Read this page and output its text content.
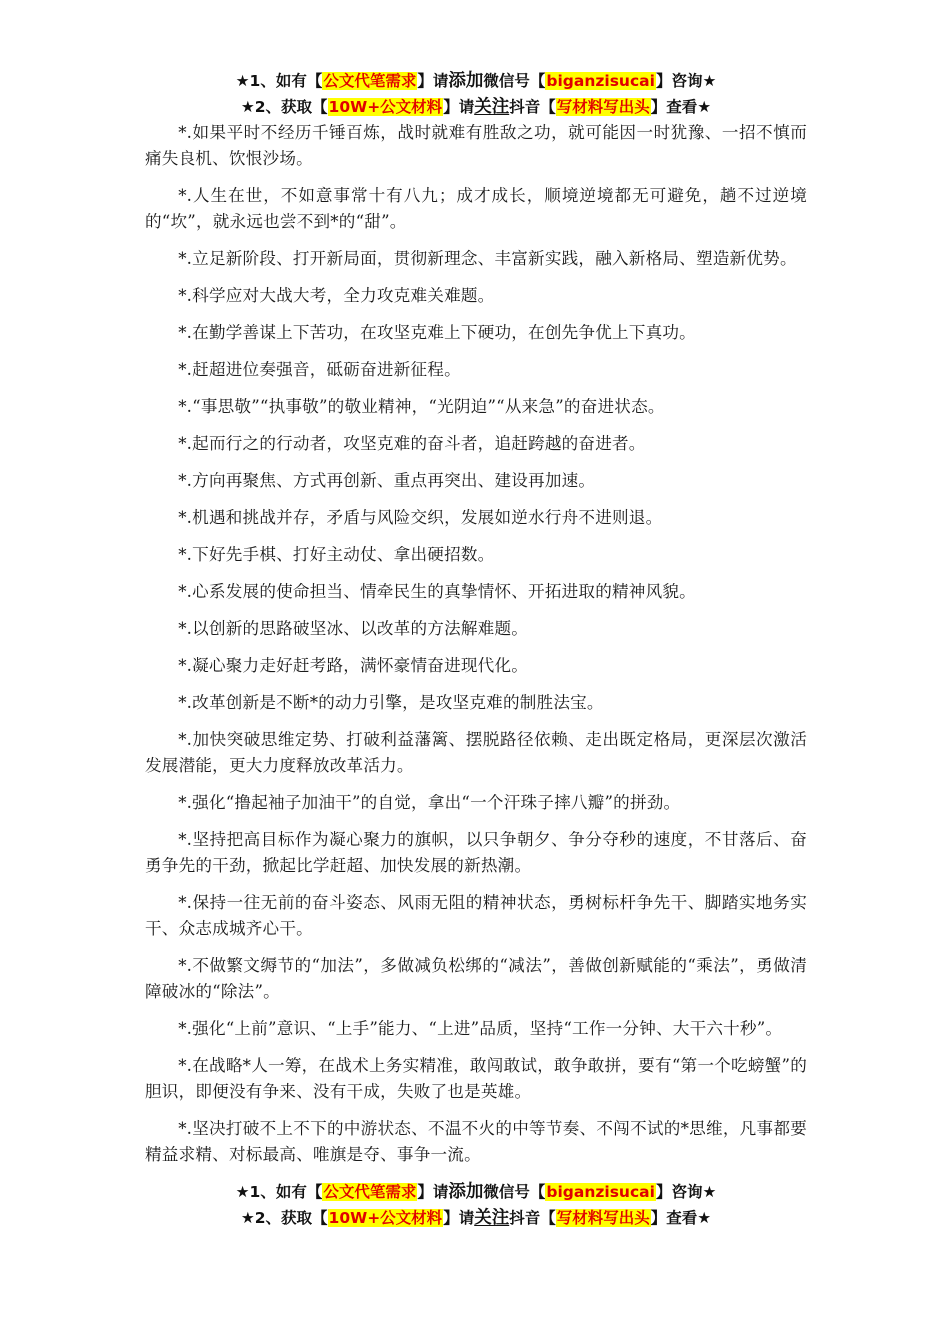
★1、如有【公文代笔需求】请添加微信号【biganzisucai】咨询★
★2、获取【10W+公文材料】请关注抖音【写材料写出头】查看★

*.如果平时不经历千锤百炼，战时就难有胜敌之功，就可能因一时犹豫、一招不慎而痛失良机、饮恨沙场。

*.人生在世，不如意事常十有八九；成才成长，顺境逆境都无可避免，趟不过逆境的“坎”，就永远也尝不到*的“甜”。

*.立足新阶段、打开新局面，贯彻新理念、丰富新实践，融入新格局、塑造新优势。

*.科学应对大战大考，全力攻克难关难题。

*.在勤学善谋上下苦功，在攻坚克难上下硬功，在创先争优上下真功。

*.赶超进位奏强音，砥砺奋进新征程。

*.“事思敬”“执事敬”的敬业精神，“光阴迫”“从来急”的奋进状态。

*.起而行之的行动者，攻坚克难的奋斗者，追赶跨越的奋进者。

*.方向再聚焦、方式再创新、重点再突出、建设再加速。

*.机遇和挑战并存，矛盾与风险交织，发展如逆水行舟不进则退。

*.下好先手棋、打好主动仗、拿出硬招数。

*.心系发展的使命担当、情牵民生的真挚情怀、开拓进取的精神风貌。

*.以创新的思路破坚冰、以改革的方法解难题。

*.凝心聚力走好赶考路，满怀豪情奋进现代化。

*.改革创新是不断*的动力引擎，是攻坚克难的制胜法宝。

*.加快突破思维定势、打破利益藩篱、摆脱路径依赖、走出既定格局，更深层次激活发展潜能，更大力度释放改革活力。

*.强化“撸起袖子加油干”的自觉，拿出“一个汗珠子摔八瓣”的拼劲。

*.坚持把高目标作为凝心聚力的旗帜，以只争朝夕、争分夺秒的速度，不甘落后、奋勇争先的干劲，掀起比学赶超、加快发展的新热潮。

*.保持一往无前的奋斗姿态、风雨无阻的精神状态，勇树标杆争先干、脚踏实地务实干、众志成城齐心干。

*.不做繁文缛节的“加法”，多做减负松绑的“减法”，善做创新赋能的“乘法”，勇做清障破冰的“除法”。

*.强化“上前”意识、“上手”能力、“上进”品质，坚持“工作一分钟、大干六十秒”。

*.在战略*人一筹，在战术上务实精准，敢闯敢试，敢争敢拼，要有“第一个吃螃蟹”的胆识，即便没有争来、没有干成，失败了也是英雄。

*.坚决打破不上不下的中游状态、不温不火的中等节奏、不闯不试的*思维，凡事都要精益求精、对标最高、唯旗是夺、事争一流。

★1、如有【公文代笔需求】请添加微信号【biganzisucai】咨询★
★2、获取【10W+公文材料】请关注抖音【写材料写出头】查看★
